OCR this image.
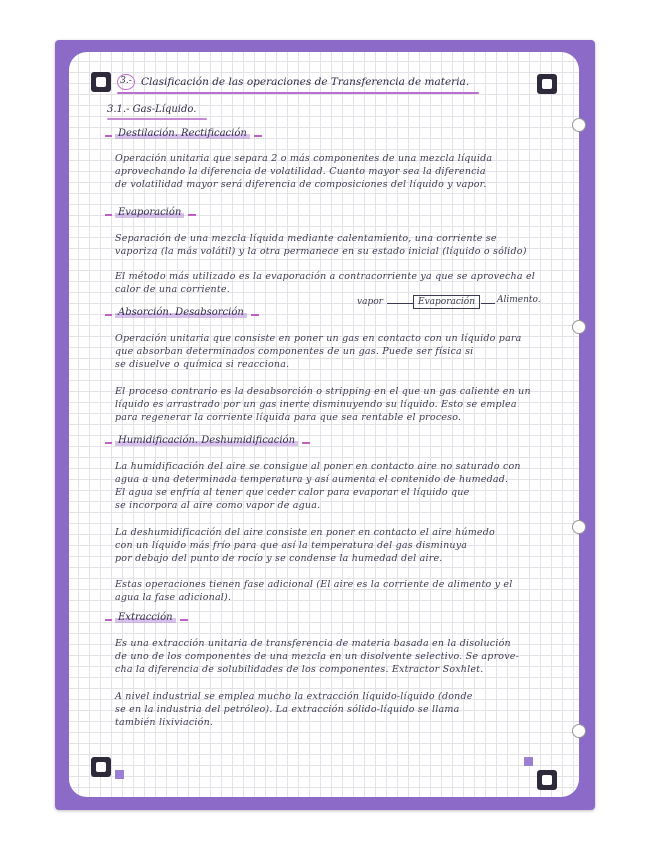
3.- Clasificación de las operaciones de Transferencia de materia.
3.1.- Gas-Líquido.
Destilación. Rectificación
Operación unitaria que separa 2 o más componentes de una mezcla líquida
aprovechando la diferencia de volatilidad. Cuanto mayor sea la diferencia
de volatilidad mayor será diferencia de composiciones del líquido y vapor.
Evaporación
Separación de una mezcla líquida mediante calentamiento, una corriente se
vaporiza (la más volátil) y la otra permanece en su estado inicial (líquido o sólido)
El método más utilizado es la evaporación a contracorriente ya que se aprovecha el
calor de una corriente.
vapor	Evaporación	Alimento.
Absorción. Desabsorción
Operación unitaria que consiste en poner un gas en contacto con un líquido para
que absorban determinados componentes de un gas. Puede ser física si
se disuelve o química si reacciona.
El proceso contrario es la desabsorción o stripping en el que un gas caliente en un
líquido es arrastrado por un gas inerte disminuyendo su líquido. Esto se emplea
para regenerar la corriente líquida para que sea rentable el proceso.
Humidificación. Deshumidificación
La humidificación del aire se consigue al poner en contacto aire no saturado con
agua a una determinada temperatura y así aumenta el contenido de humedad.
El agua se enfría al tener que ceder calor para evaporar el líquido que
se incorpora al aire como vapor de agua.
La deshumidificación del aire consiste en poner en contacto el aire húmedo
con un líquido más frío para que así la temperatura del gas disminuya
por debajo del punto de rocío y se condense la humedad del aire.
Estas operaciones tienen fase adicional (El aire es la corriente de alimento y el
agua la fase adicional).
Extracción
Es una extracción unitaria de transferencia de materia basada en la disolución
de uno de los componentes de una mezcla en un disolvente selectivo. Se aprove-
cha la diferencia de solubilidades de los componentes. Extractor Soxhlet.
A nivel industrial se emplea mucho la extracción líquido-líquido (donde
se en la industria del petróleo). La extracción sólido-líquido se llama
también lixiviación.
